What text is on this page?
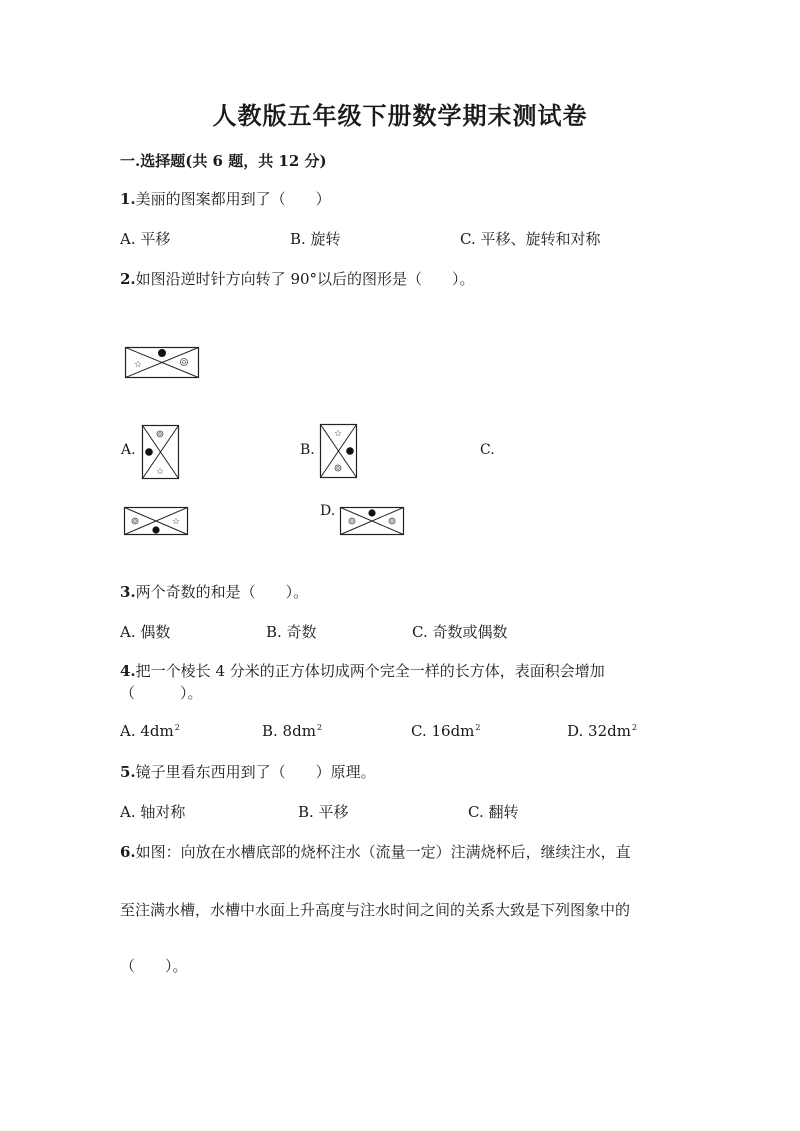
人教版五年级下册数学期末测试卷
一.选择题(共 6 题，共 12 分)
1.美丽的图案都用到了（　　）
A. 平移	B. 旋转	C. 平移、旋转和对称
2.如图沿逆时针方向转了 90°以后的图形是（　　）。
☆
A.
☆
B.
☆
C.
☆
D.
3.两个奇数的和是（　　）。
A. 偶数	B. 奇数	C. 奇数或偶数
4.把一个棱长 4 分米的正方体切成两个完全一样的长方体，表面积会增加
（　　　）。
A. $4dm^2$	B. $8dm^2$	C. $16dm^2$	D. $32dm^2$
5.镜子里看东西用到了（　　）原理。
A. 轴对称	B. 平移	C. 翻转
6.如图：向放在水槽底部的烧杯注水（流量一定）注满烧杯后，继续注水，直
至注满水槽，水槽中水面上升高度与注水时间之间的关系大致是下列图象中的
（　　）。
